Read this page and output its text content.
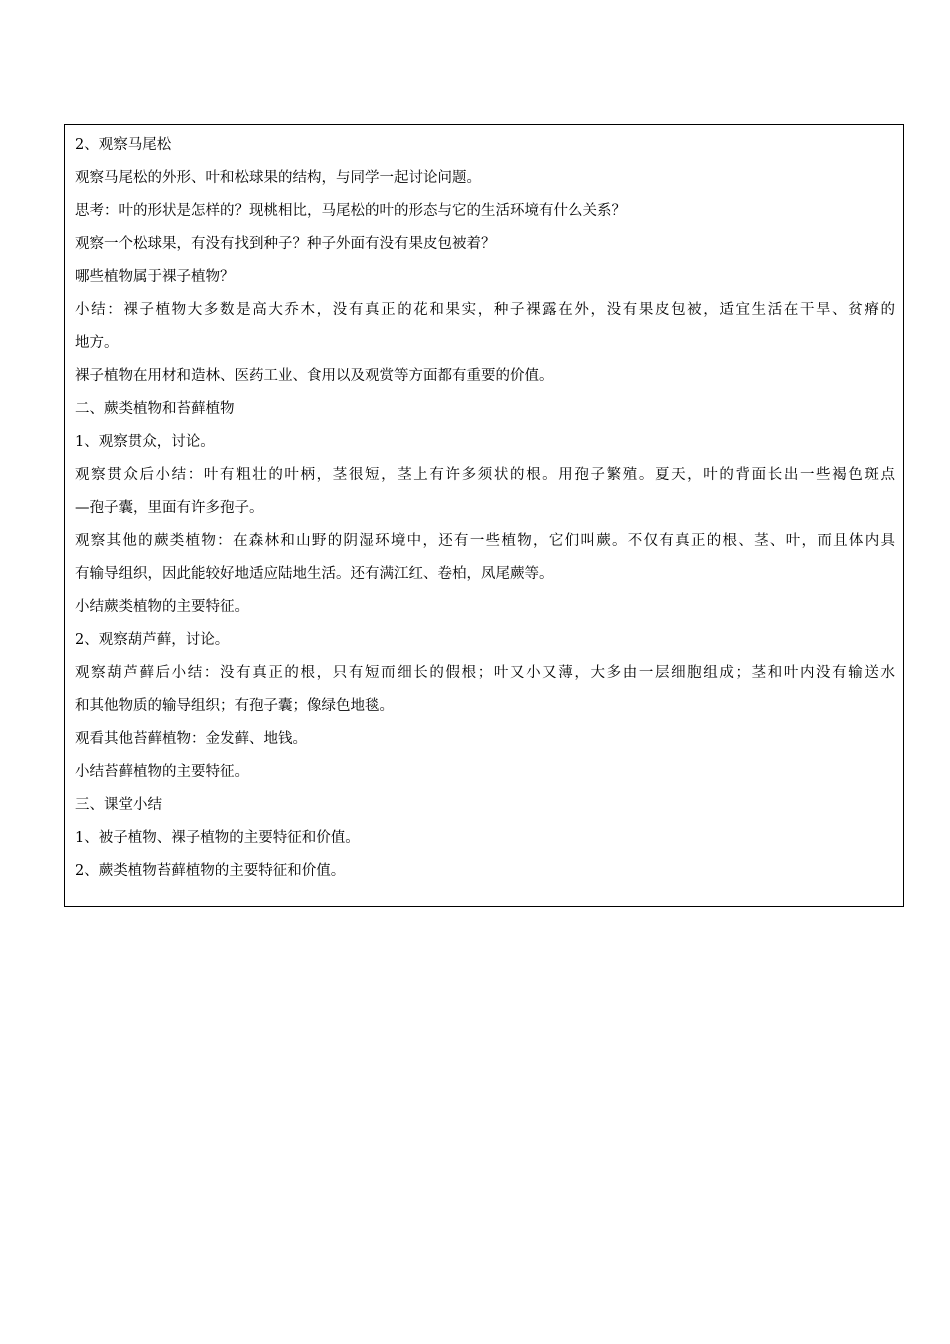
2、观察马尾松
观察马尾松的外形、叶和松球果的结构，与同学一起讨论问题。
思考：叶的形状是怎样的？现桃相比，马尾松的叶的形态与它的生活环境有什么关系？
观察一个松球果，有没有找到种子？种子外面有没有果皮包被着？
哪些植物属于裸子植物？
小结：裸子植物大多数是高大乔木，没有真正的花和果实，种子裸露在外，没有果皮包被，适宜生活在干旱、贫瘠的
地方。
裸子植物在用材和造林、医药工业、食用以及观赏等方面都有重要的价值。
二、蕨类植物和苔藓植物
1、观察贯众，讨论。
观察贯众后小结：叶有粗壮的叶柄，茎很短，茎上有许多须状的根。用孢子繁殖。夏天，叶的背面长出一些褐色斑点
—孢子囊，里面有许多孢子。
观察其他的蕨类植物：在森林和山野的阴湿环境中，还有一些植物，它们叫蕨。不仅有真正的根、茎、叶，而且体内具
有输导组织，因此能较好地适应陆地生活。还有满江红、卷柏，凤尾蕨等。
小结蕨类植物的主要特征。
2、观察葫芦藓，讨论。
观察葫芦藓后小结：没有真正的根，只有短而细长的假根；叶又小又薄，大多由一层细胞组成；茎和叶内没有输送水
和其他物质的输导组织；有孢子囊；像绿色地毯。
观看其他苔藓植物：金发藓、地钱。
小结苔藓植物的主要特征。
三、课堂小结
1、被子植物、裸子植物的主要特征和价值。
2、蕨类植物苔藓植物的主要特征和价值。
